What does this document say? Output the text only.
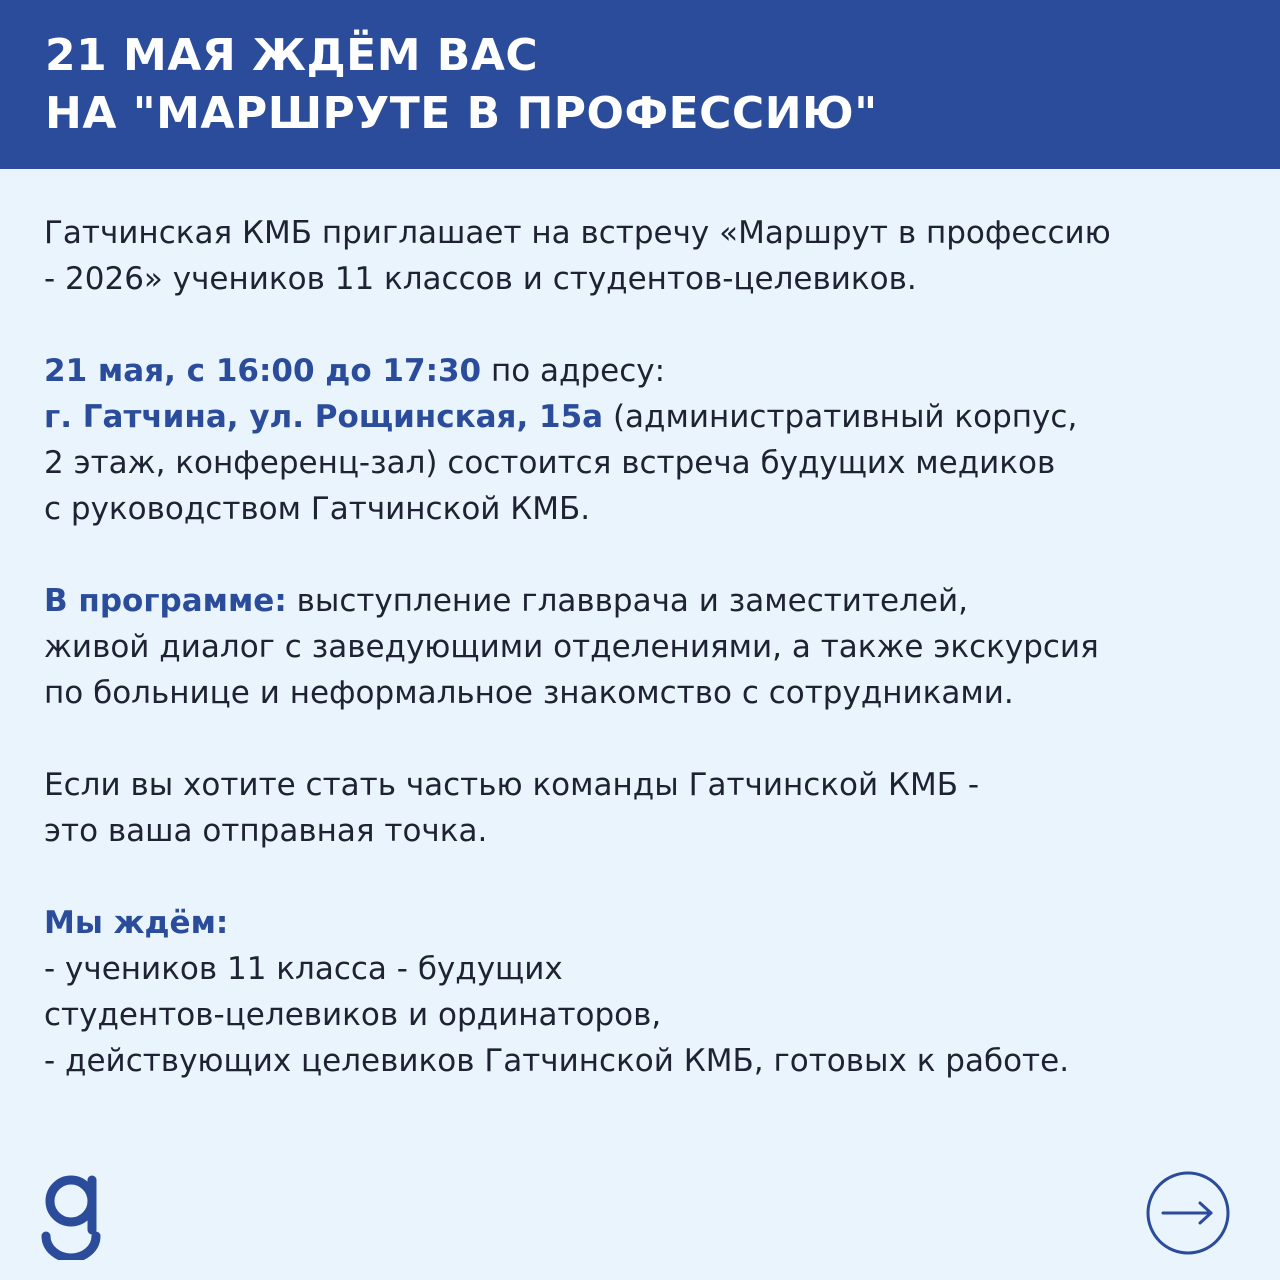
21 МАЯ ЖДЁМ ВАС
НА "МАРШРУТЕ В ПРОФЕССИЮ"
Гатчинская КМБ приглашает на встречу «Маршрут в профессию
- 2026» учеников 11 классов и студентов-целевиков.
21 мая, с 16:00 до 17:30 по адресу:
г. Гатчина, ул. Рощинская, 15а (административный корпус,
2 этаж, конференц-зал) состоится встреча будущих медиков
с руководством Гатчинской КМБ.
В программе: выступление главврача и заместителей,
живой диалог с заведующими отделениями, а также экскурсия
по больнице и неформальное знакомство с сотрудниками.
Если вы хотите стать частью команды Гатчинской КМБ -
это ваша отправная точка.
Мы ждём:
- учеников 11 класса - будущих
студентов-целевиков и ординаторов,
- действующих целевиков Гатчинской КМБ, готовых к работе.
